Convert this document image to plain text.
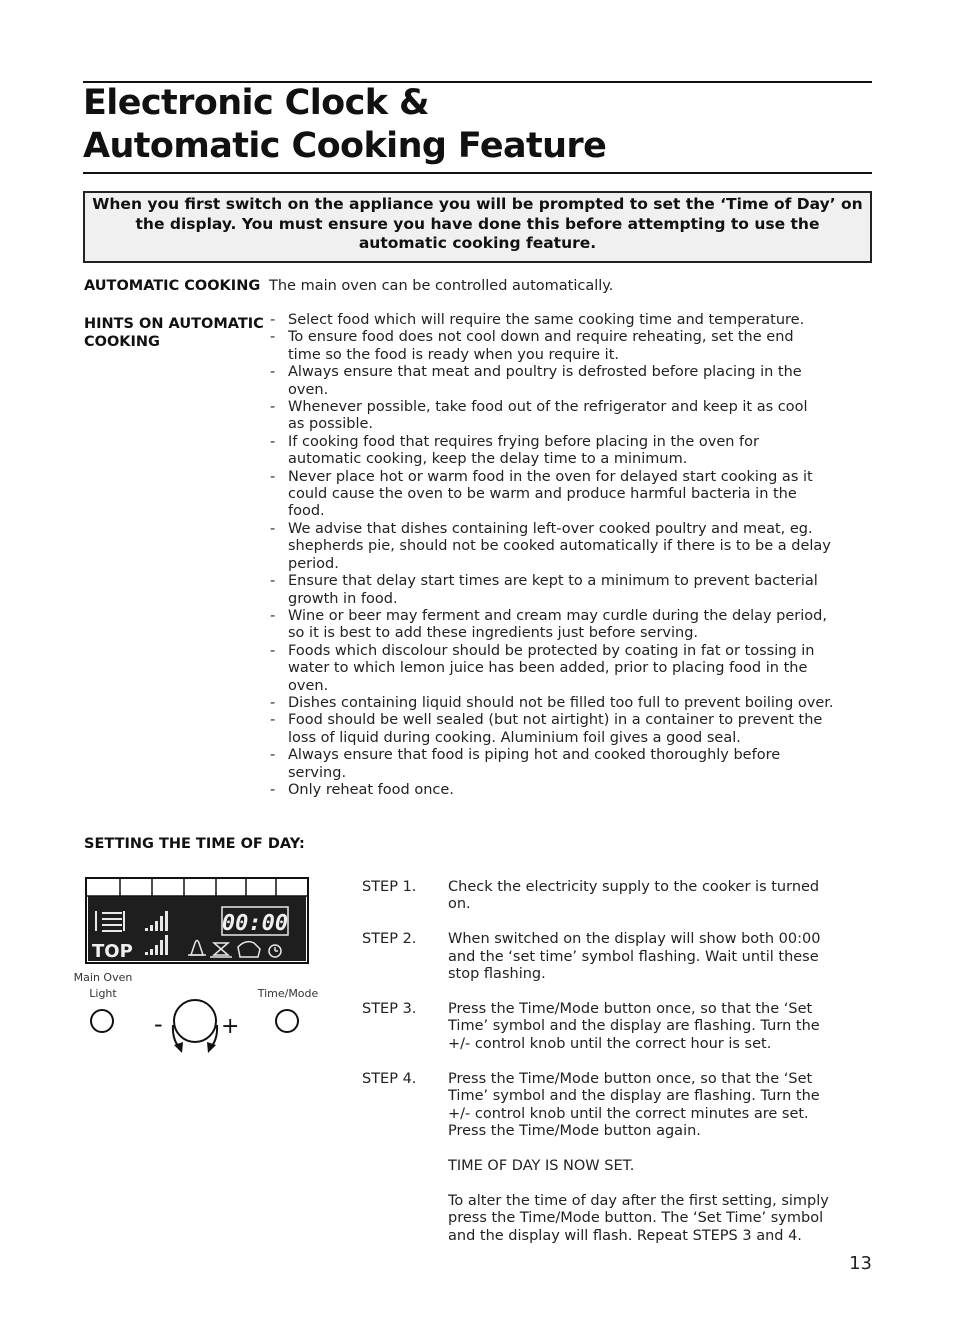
Electronic Clock &
Automatic Cooking Feature
When you first switch on the appliance you will be prompted to set the ‘Time of Day’ on
the display. You must ensure you have done this before attempting to use the
automatic cooking feature.
AUTOMATIC COOKING The main oven can be controlled automatically.
HINTS ON AUTOMATIC
COOKING
- Select food which will require the same cooking time and temperature.
- To ensure food does not cool down and require reheating, set the end
time so the food is ready when you require it.
- Always ensure that meat and poultry is defrosted before placing in the
oven.
- Whenever possible, take food out of the refrigerator and keep it as cool
as possible.
- If cooking food that requires frying before placing in the oven for
automatic cooking, keep the delay time to a minimum.
- Never place hot or warm food in the oven for delayed start cooking as it
could cause the oven to be warm and produce harmful bacteria in the
food.
- We advise that dishes containing left-over cooked poultry and meat, eg.
shepherds pie, should not be cooked automatically if there is to be a delay
period.
- Ensure that delay start times are kept to a minimum to prevent bacterial
growth in food.
- Wine or beer may ferment and cream may curdle during the delay period,
so it is best to add these ingredients just before serving.
- Foods which discolour should be protected by coating in fat or tossing in
water to which lemon juice has been added, prior to placing food in the
oven.
- Dishes containing liquid should not be filled too full to prevent boiling over.
- Food should be well sealed (but not airtight) in a container to prevent the
loss of liquid during cooking. Aluminium foil gives a good seal.
- Always ensure that food is piping hot and cooked thoroughly before
serving.
- Only reheat food once.
SETTING THE TIME OF DAY:
00:00
TOP
-	+
Main Oven
Light	Time/Mode
STEP 1. Check the electricity supply to the cooker is turned
on.
STEP 2. When switched on the display will show both 00:00
and the ‘set time’ symbol flashing. Wait until these
stop flashing.
STEP 3. Press the Time/Mode button once, so that the ‘Set
Time’ symbol and the display are flashing. Turn the
+/- control knob until the correct hour is set.
STEP 4. Press the Time/Mode button once, so that the ‘Set
Time’ symbol and the display are flashing. Turn the
+/- control knob until the correct minutes are set.
Press the Time/Mode button again.
TIME OF DAY IS NOW SET.
To alter the time of day after the first setting, simply
press the Time/Mode button. The ‘Set Time’ symbol
and the display will flash. Repeat STEPS 3 and 4.
13
